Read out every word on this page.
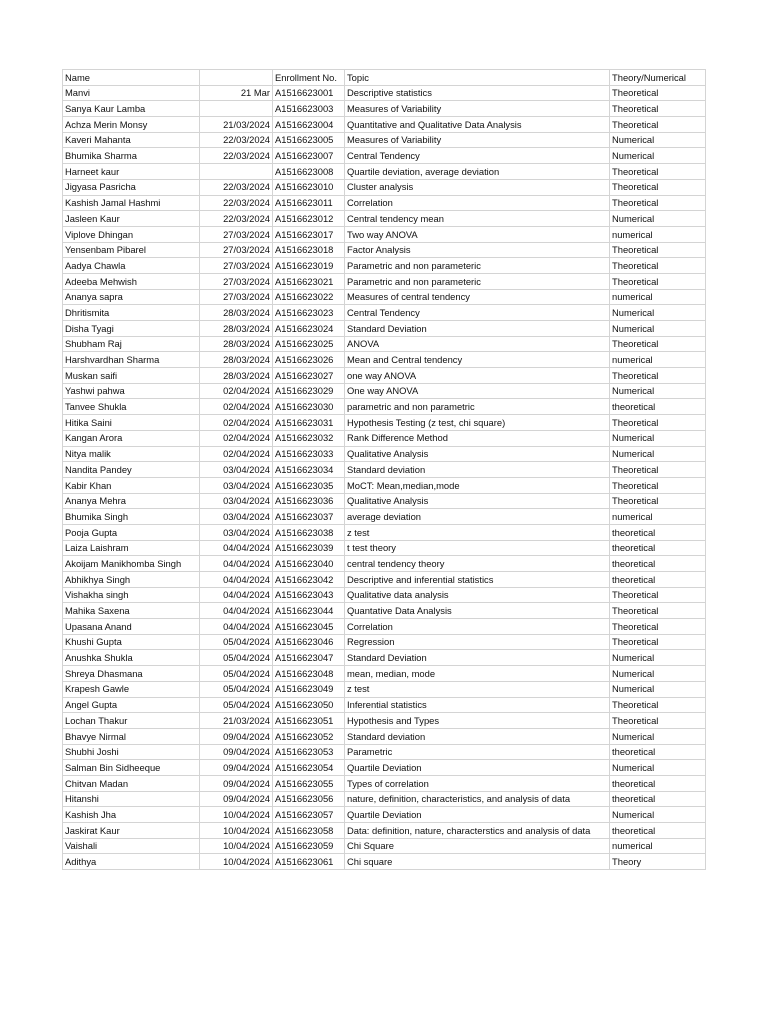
Name		Enrollment No.	Topic	Theory/Numerical
Manvi	21 Mar	A1516623001	Descriptive statistics	Theoretical
Sanya Kaur Lamba		A1516623003	Measures of Variability	Theoretical
Achza Merin Monsy	21/03/2024	A1516623004	Quantitative and Qualitative Data Analysis	Theoretical
Kaveri Mahanta	22/03/2024	A1516623005	Measures of Variability	Numerical
Bhumika Sharma	22/03/2024	A1516623007	Central Tendency	Numerical
Harneet kaur		A1516623008	Quartile deviation, average deviation	Theoretical
Jigyasa Pasricha	22/03/2024	A1516623010	Cluster analysis	Theoretical
Kashish Jamal Hashmi	22/03/2024	A1516623011	Correlation	Theoretical
Jasleen Kaur	22/03/2024	A1516623012	Central tendency mean	Numerical
Viplove Dhingan	27/03/2024	A1516623017	Two way ANOVA	numerical
Yensenbam Pibarel	27/03/2024	A1516623018	Factor Analysis	Theoretical
Aadya Chawla	27/03/2024	A1516623019	Parametric and non parameteric	Theoretical
Adeeba Mehwish	27/03/2024	A1516623021	Parametric and non parameteric	Theoretical
Ananya sapra	27/03/2024	A1516623022	Measures of central tendency	numerical
Dhritismita	28/03/2024	A1516623023	Central Tendency	Numerical
Disha Tyagi	28/03/2024	A1516623024	Standard Deviation	Numerical
Shubham Raj	28/03/2024	A1516623025	ANOVA	Theoretical
Harshvardhan Sharma	28/03/2024	A1516623026	Mean and Central tendency	numerical
Muskan saifi	28/03/2024	A1516623027	one way ANOVA	Theoretical
Yashwi pahwa	02/04/2024	A1516623029	One way ANOVA	Numerical
Tanvee Shukla	02/04/2024	A1516623030	parametric and non parametric	theoretical
Hitika Saini	02/04/2024	A1516623031	Hypothesis Testing (z test, chi square)	Theoretical
Kangan Arora	02/04/2024	A1516623032	Rank Difference Method	Numerical
Nitya malik	02/04/2024	A1516623033	Qualitative Analysis	Numerical
Nandita Pandey	03/04/2024	A1516623034	Standard deviation	Theoretical
Kabir Khan	03/04/2024	A1516623035	MoCT: Mean,median,mode	Theoretical
Ananya Mehra	03/04/2024	A1516623036	Qualitative Analysis	Theoretical
Bhumika Singh	03/04/2024	A1516623037	average deviation	numerical
Pooja Gupta	03/04/2024	A1516623038	z test	theoretical
Laiza Laishram	04/04/2024	A1516623039	t test theory	theoretical
Akoijam Manikhomba Singh	04/04/2024	A1516623040	central tendency theory	theoretical
Abhikhya Singh	04/04/2024	A1516623042	Descriptive and inferential statistics	theoretical
Vishakha singh	04/04/2024	A1516623043	Qualitative data analysis	Theoretical
Mahika Saxena	04/04/2024	A1516623044	Quantative Data Analysis	Theoretical
Upasana Anand	04/04/2024	A1516623045	Correlation	Theoretical
Khushi Gupta	05/04/2024	A1516623046	Regression	Theoretical
Anushka Shukla	05/04/2024	A1516623047	Standard Deviation	Numerical
Shreya Dhasmana	05/04/2024	A1516623048	mean, median, mode	Numerical
Krapesh Gawle	05/04/2024	A1516623049	z test	Numerical
Angel Gupta	05/04/2024	A1516623050	Inferential statistics	Theoretical
Lochan Thakur	21/03/2024	A1516623051	Hypothesis and Types	Theoretical
Bhavye Nirmal	09/04/2024	A1516623052	Standard deviation	Numerical
Shubhi Joshi	09/04/2024	A1516623053	Parametric	theoretical
Salman Bin Sidheeque	09/04/2024	A1516623054	Quartile Deviation	Numerical
Chitvan Madan	09/04/2024	A1516623055	Types of correlation	theoretical
Hitanshi	09/04/2024	A1516623056	nature, definition, characteristics, and analysis of data	theoretical
Kashish Jha	10/04/2024	A1516623057	Quartile Deviation	Numerical
Jaskirat Kaur	10/04/2024	A1516623058	Data: definition, nature, characterstics and analysis of data	theoretical
Vaishali	10/04/2024	A1516623059	Chi Square	numerical
Adithya	10/04/2024	A1516623061	Chi square	Theory
